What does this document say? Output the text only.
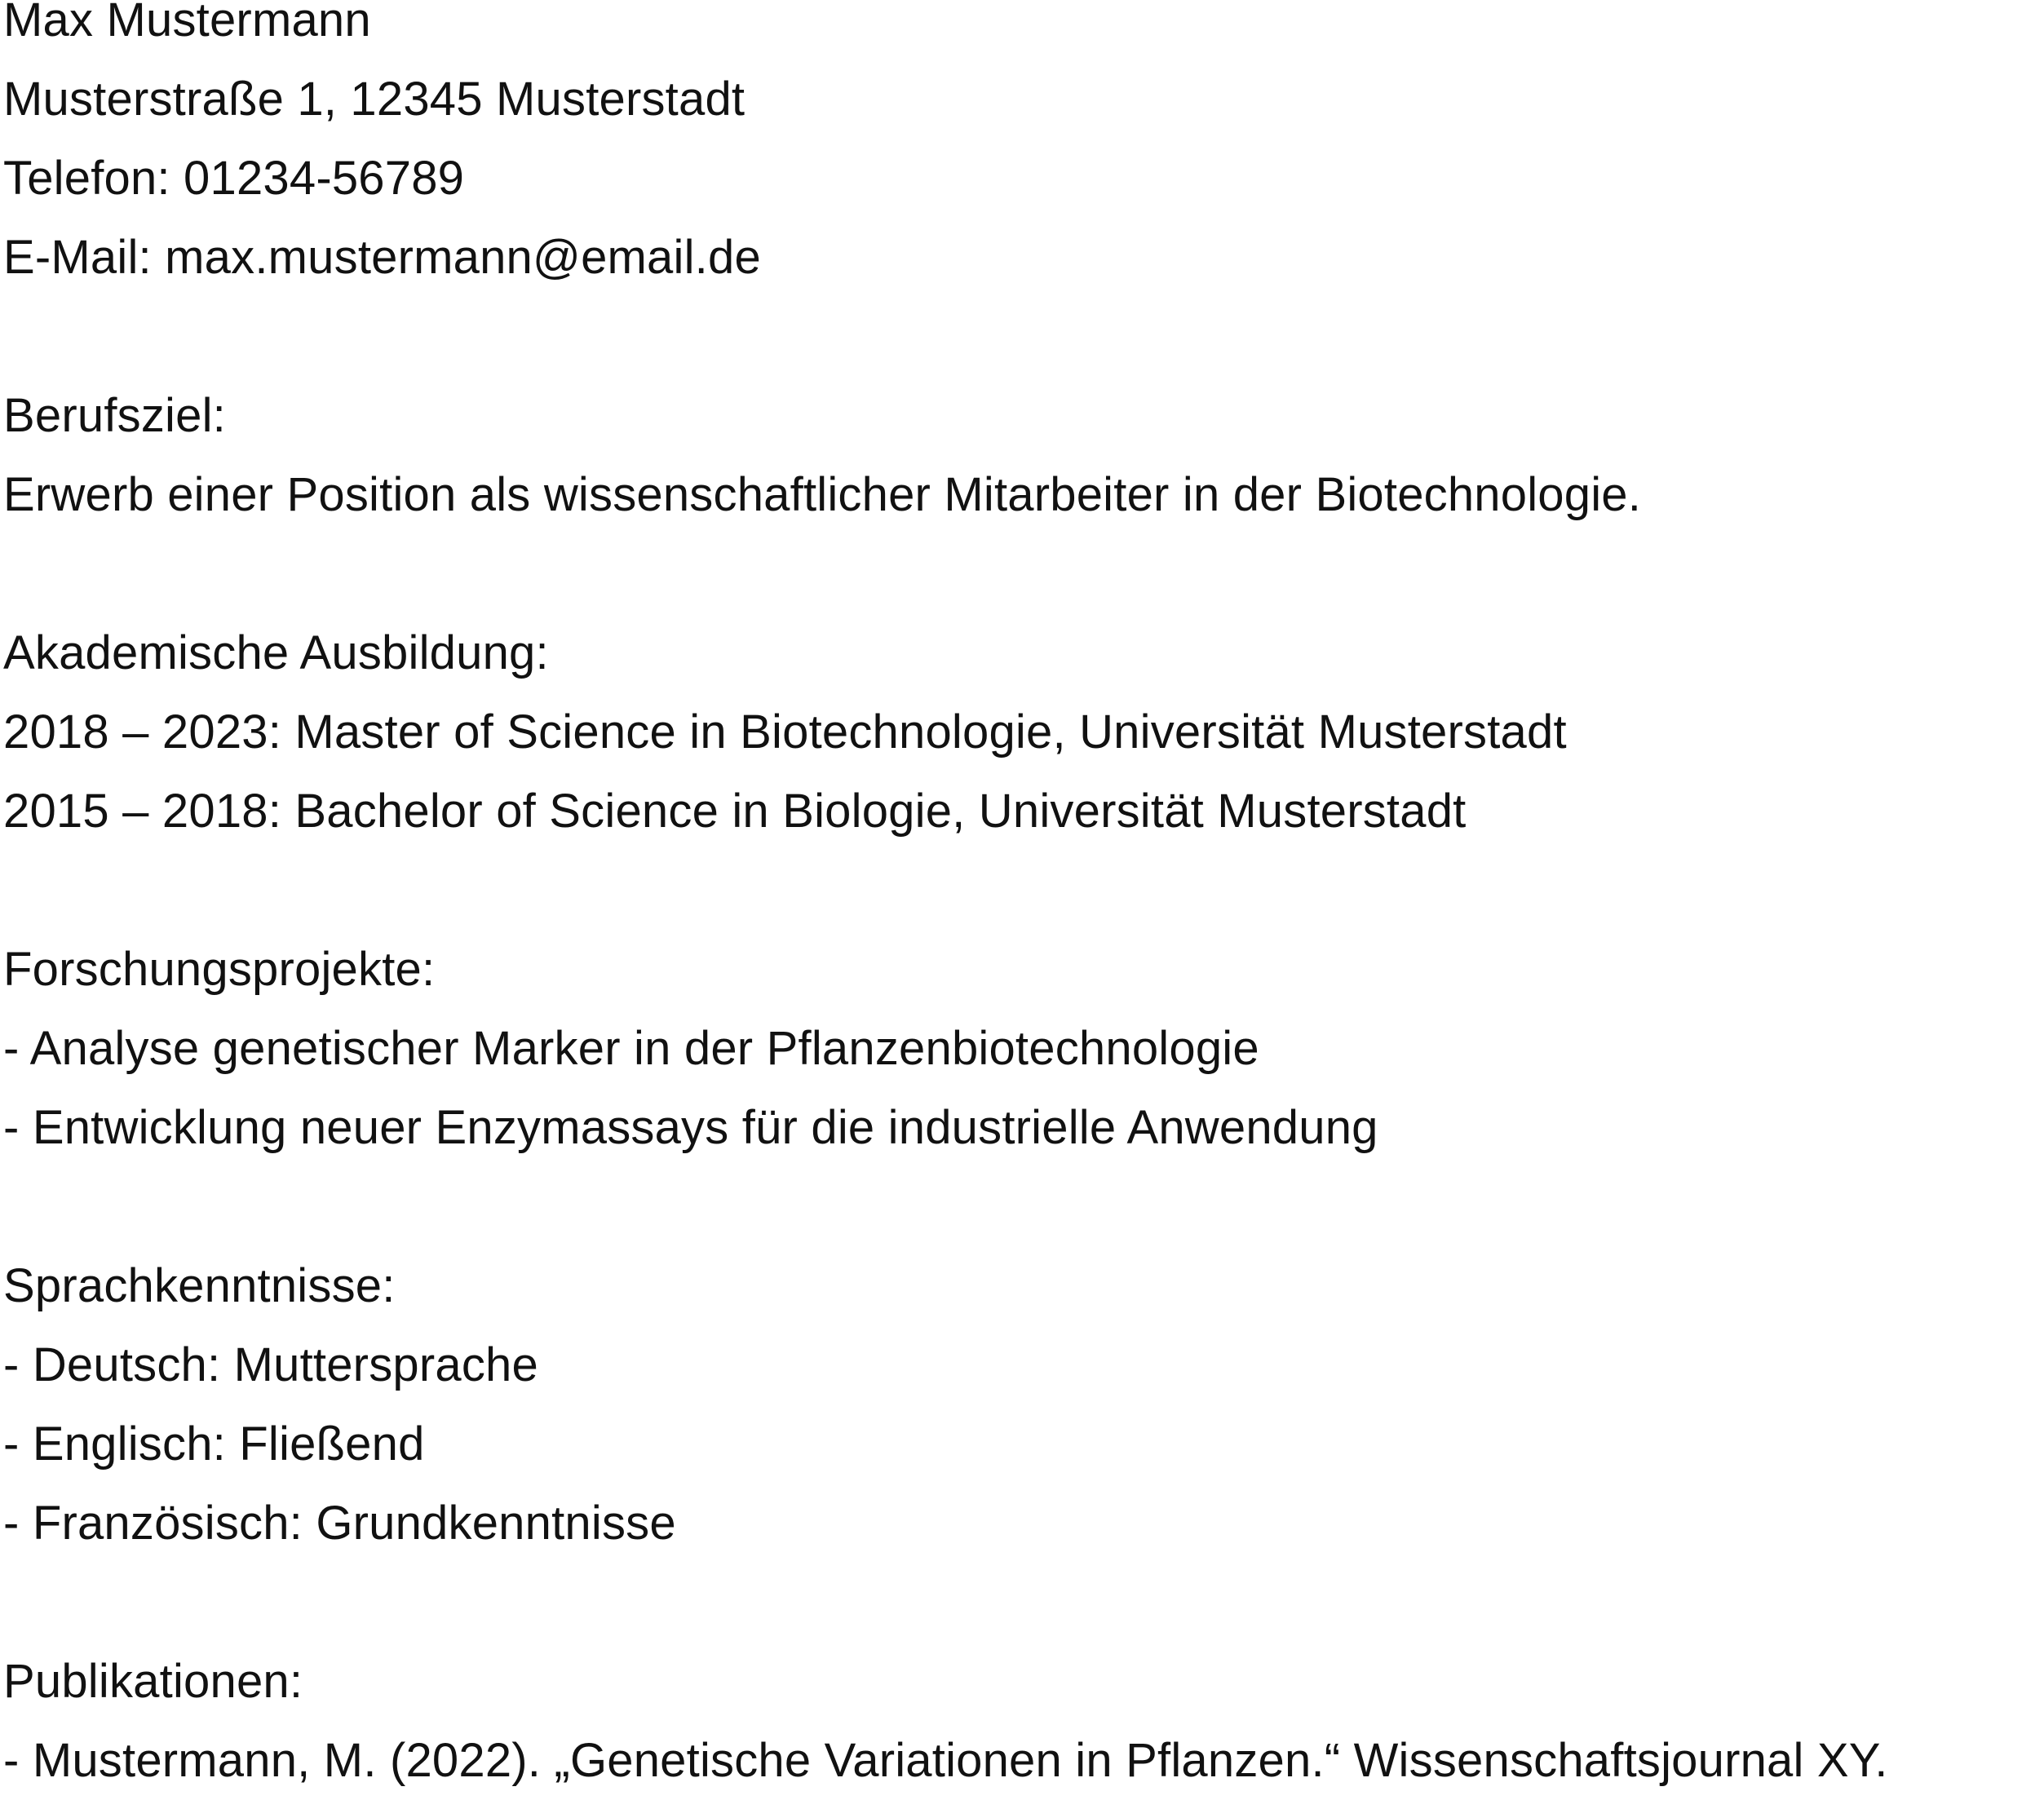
Max Mustermann
Musterstraße 1, 12345 Musterstadt
Telefon: 01234-56789
E-Mail: max.mustermann@email.de
Berufsziel:
Erwerb einer Position als wissenschaftlicher Mitarbeiter in der Biotechnologie.
Akademische Ausbildung:
2018 – 2023: Master of Science in Biotechnologie, Universität Musterstadt
2015 – 2018: Bachelor of Science in Biologie, Universität Musterstadt
Forschungsprojekte:
- Analyse genetischer Marker in der Pflanzenbiotechnologie
- Entwicklung neuer Enzymassays für die industrielle Anwendung
Sprachkenntnisse:
- Deutsch: Muttersprache
- Englisch: Fließend
- Französisch: Grundkenntnisse
Publikationen:
- Mustermann, M. (2022). „Genetische Variationen in Pflanzen.“ Wissenschaftsjournal XY.
